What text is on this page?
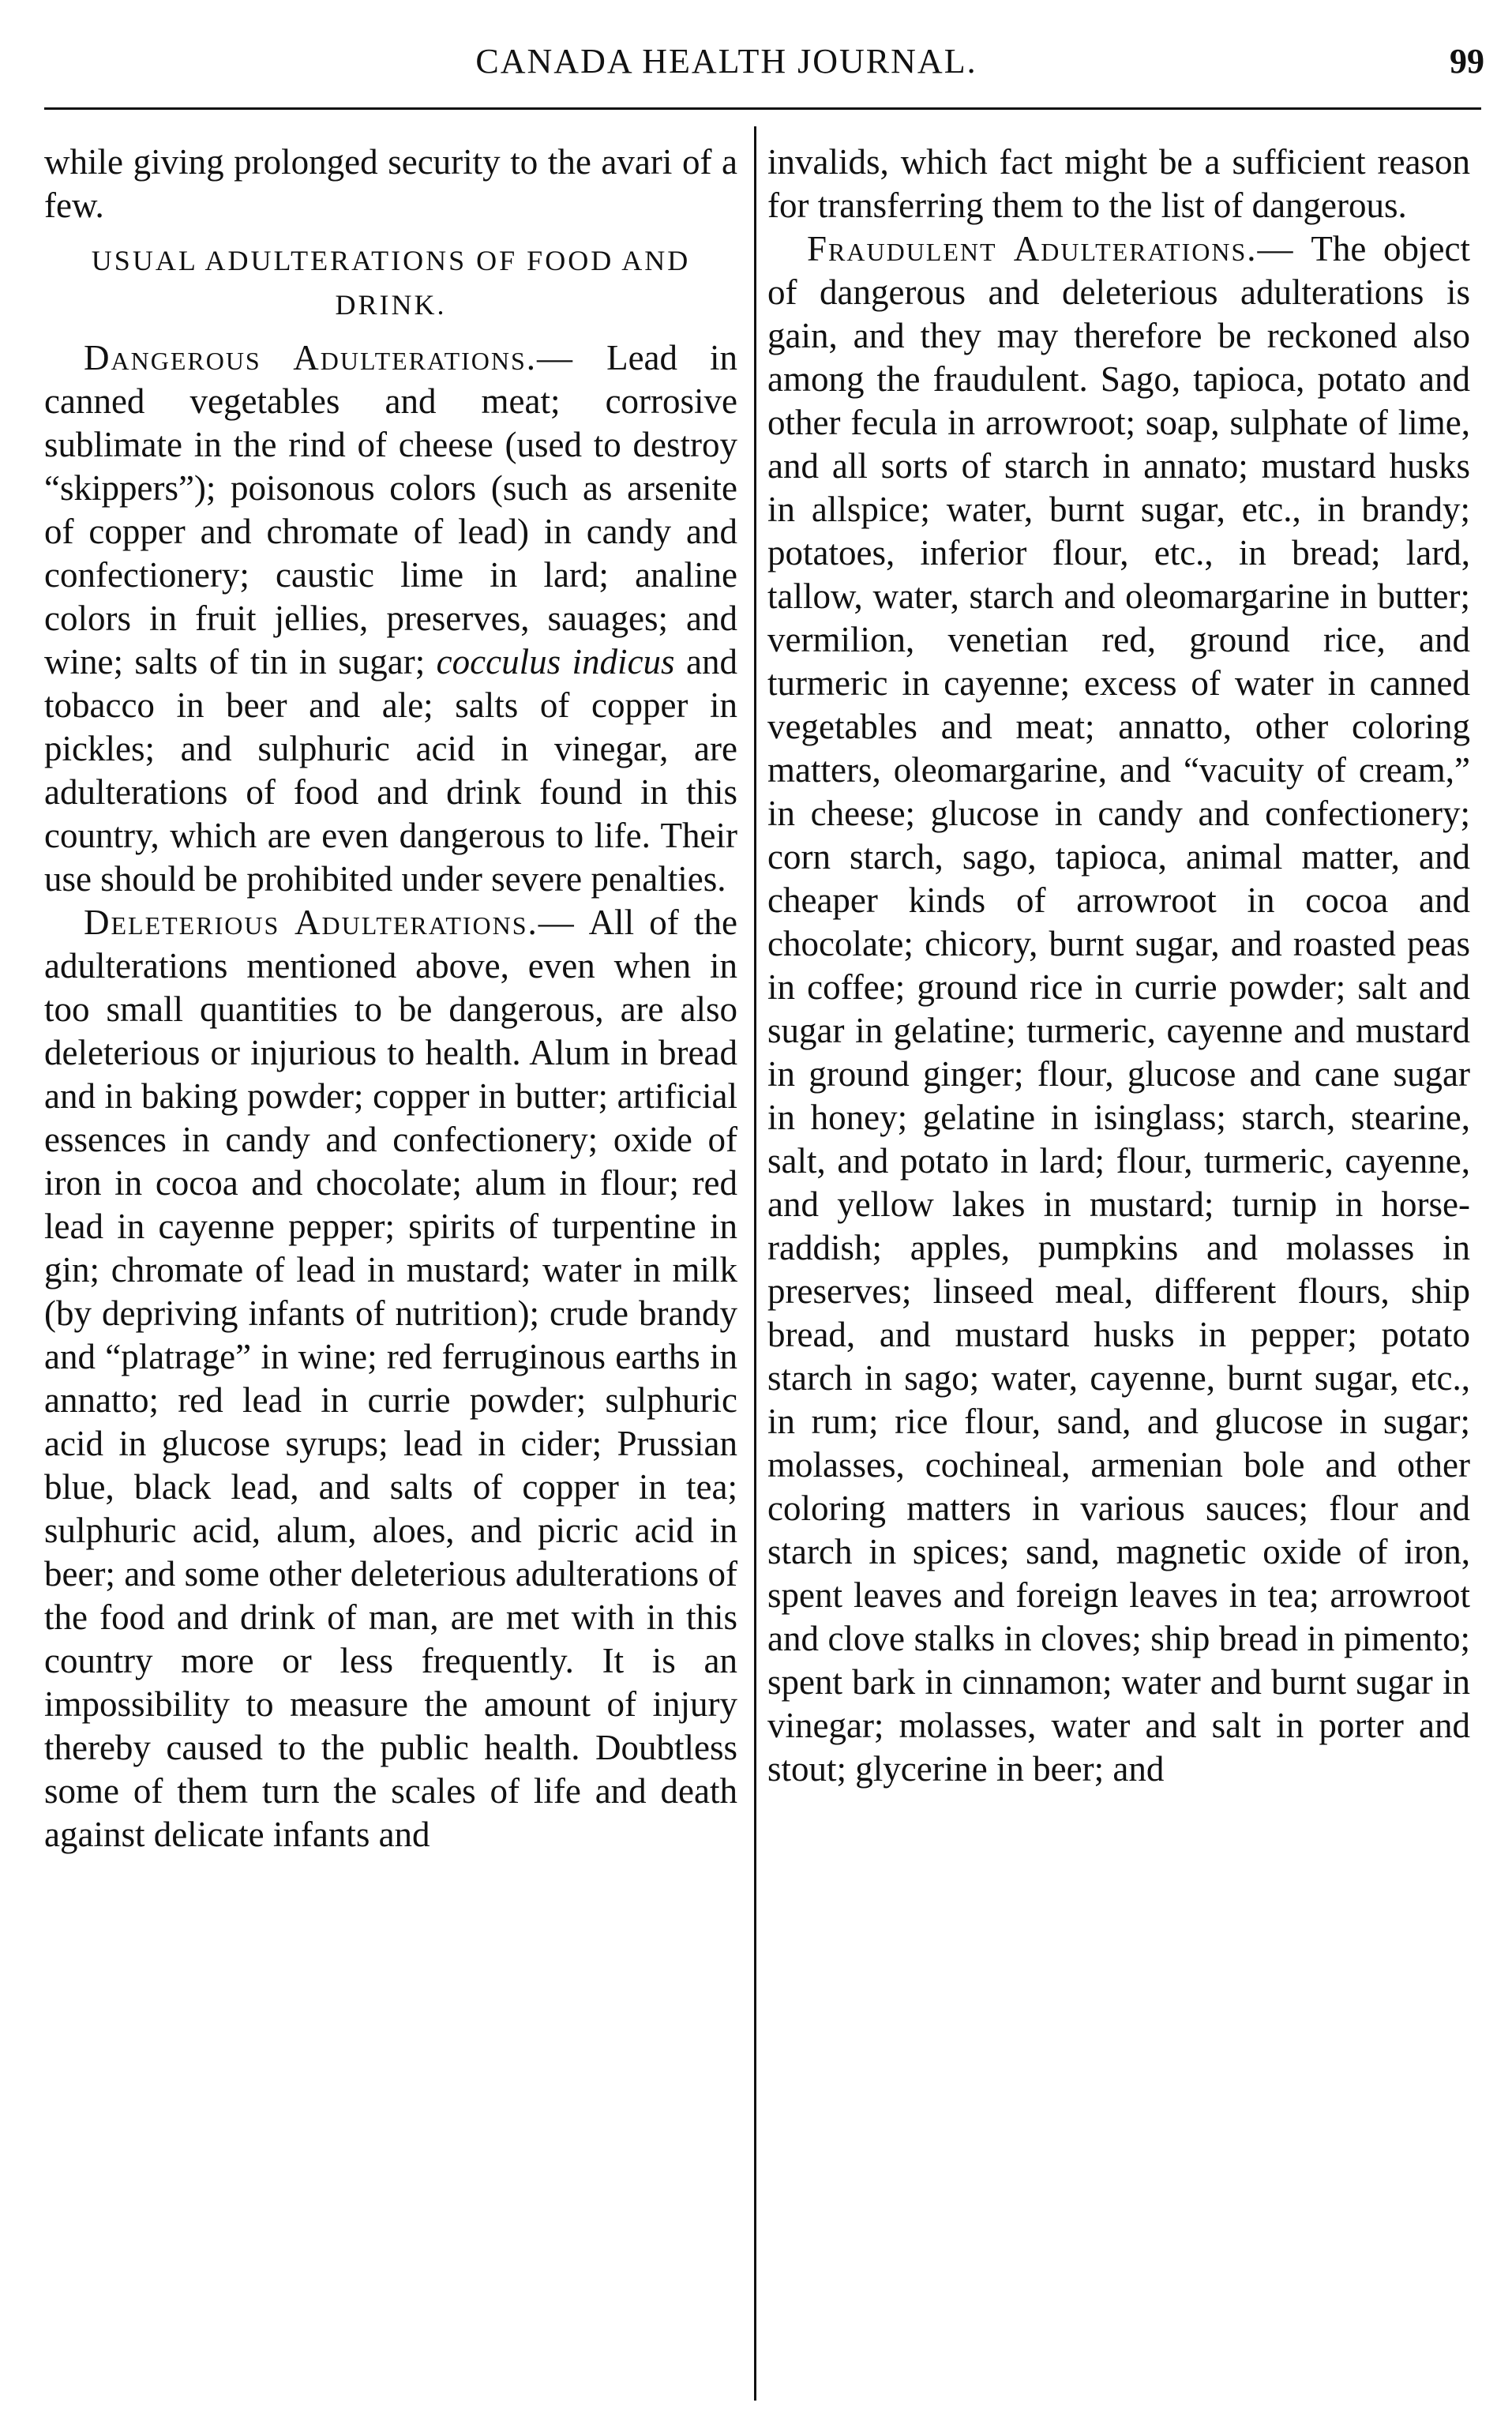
CANADA HEALTH JOURNAL.	99

while giving prolonged security to the avari of a few.

USUAL ADULTERATIONS OF FOOD AND DRINK.

Dangerous Adulterations.— Lead in canned vegetables and meat; corrosive sublimate in the rind of cheese (used to destroy “skippers”); poisonous colors (such as arsenite of copper and chromate of lead) in candy and confectionery; caustic lime in lard; analine colors in fruit jellies, preserves, sauages; and wine; salts of tin in sugar; cocculus indicus and tobacco in beer and ale; salts of copper in pickles; and sulphuric acid in vinegar, are adulterations of food and drink found in this country, which are even dangerous to life. Their use should be prohibited under severe penalties.

Deleterious Adulterations.— All of the adulterations mentioned above, even when in too small quantities to be dangerous, are also deleterious or injurious to health. Alum in bread and in baking powder; copper in butter; artificial essences in candy and confectionery; oxide of iron in cocoa and chocolate; alum in flour; red lead in cayenne pepper; spirits of turpentine in gin; chromate of lead in mustard; water in milk (by depriving infants of nutrition); crude brandy and “platrage” in wine; red ferruginous earths in annatto; red lead in currie powder; sulphuric acid in glucose syrups; lead in cider; Prussian blue, black lead, and salts of copper in tea; sulphuric acid, alum, aloes, and picric acid in beer; and some other deleterious adulterations of the food and drink of man, are met with in this country more or less frequently. It is an impossibility to measure the amount of injury thereby caused to the public health. Doubtless some of them turn the scales of life and death against delicate infants and

invalids, which fact might be a sufficient reason for transferring them to the list of dangerous.

Fraudulent Adulterations.— The object of dangerous and deleterious adulterations is gain, and they may therefore be reckoned also among the fraudulent. Sago, tapioca, potato and other fecula in arrowroot; soap, sulphate of lime, and all sorts of starch in annato; mustard husks in allspice; water, burnt sugar, etc., in brandy; potatoes, inferior flour, etc., in bread; lard, tallow, water, starch and oleomargarine in butter; vermilion, venetian red, ground rice, and turmeric in cayenne; excess of water in canned vegetables and meat; annatto, other coloring matters, oleomargarine, and “vacuity of cream,” in cheese; glucose in candy and confectionery; corn starch, sago, tapioca, animal matter, and cheaper kinds of arrowroot in cocoa and chocolate; chicory, burnt sugar, and roasted peas in coffee; ground rice in currie powder; salt and sugar in gelatine; turmeric, cayenne and mustard in ground ginger; flour, glucose and cane sugar in honey; gelatine in isinglass; starch, stearine, salt, and potato in lard; flour, turmeric, cayenne, and yellow lakes in mustard; turnip in horse-raddish; apples, pumpkins and molasses in preserves; linseed meal, different flours, ship bread, and mustard husks in pepper; potato starch in sago; water, cayenne, burnt sugar, etc., in rum; rice flour, sand, and glucose in sugar; molasses, cochineal, armenian bole and other coloring matters in various sauces; flour and starch in spices; sand, magnetic oxide of iron, spent leaves and foreign leaves in tea; arrowroot and clove stalks in cloves; ship bread in pimento; spent bark in cinnamon; water and burnt sugar in vinegar; molasses, water and salt in porter and stout; glycerine in beer; and
